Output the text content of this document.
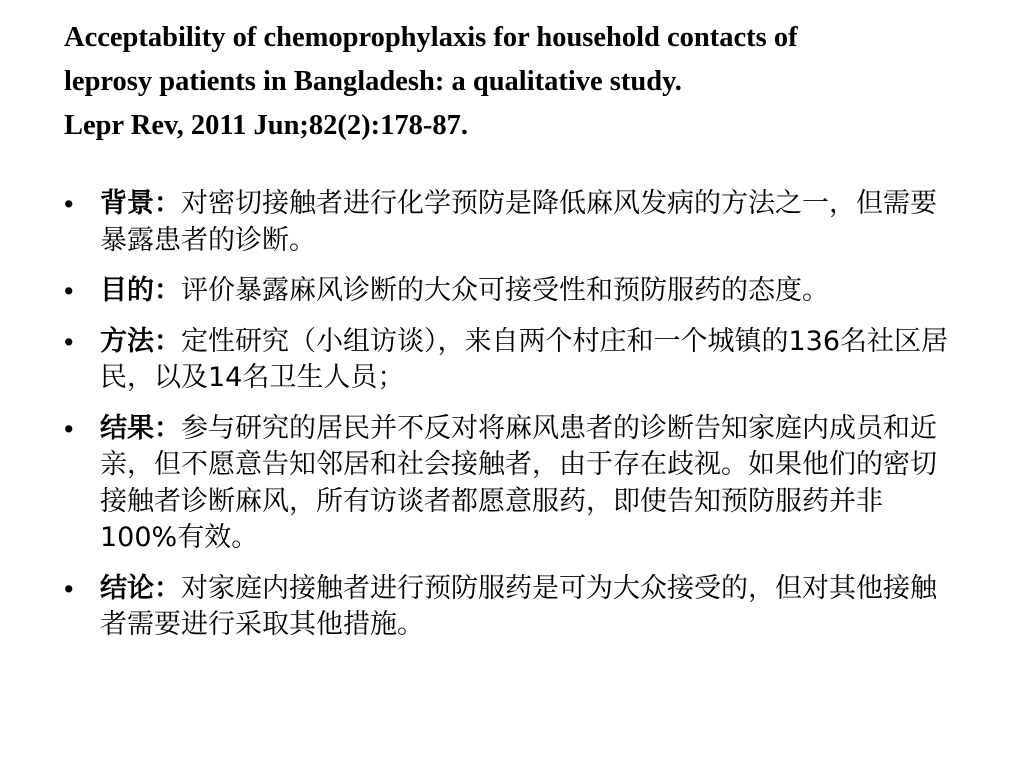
Acceptability of chemoprophylaxis for household contacts of
leprosy patients in Bangladesh: a qualitative study.
Lepr Rev, 2011 Jun;82(2):178-87.
• 背景：对密切接触者进行化学预防是降低麻风发病的方法之一，但需要暴露患者的诊断。
• 目的：评价暴露麻风诊断的大众可接受性和预防服药的态度。
• 方法：定性研究（小组访谈），来自两个村庄和一个城镇的136名社区居民，以及14名卫生人员；
• 结果：参与研究的居民并不反对将麻风患者的诊断告知家庭内成员和近亲，但不愿意告知邻居和社会接触者，由于存在歧视。如果他们的密切接触者诊断麻风，所有访谈者都愿意服药，即使告知预防服药并非100%有效。
• 结论：对家庭内接触者进行预防服药是可为大众接受的，但对其他接触者需要进行采取其他措施。
